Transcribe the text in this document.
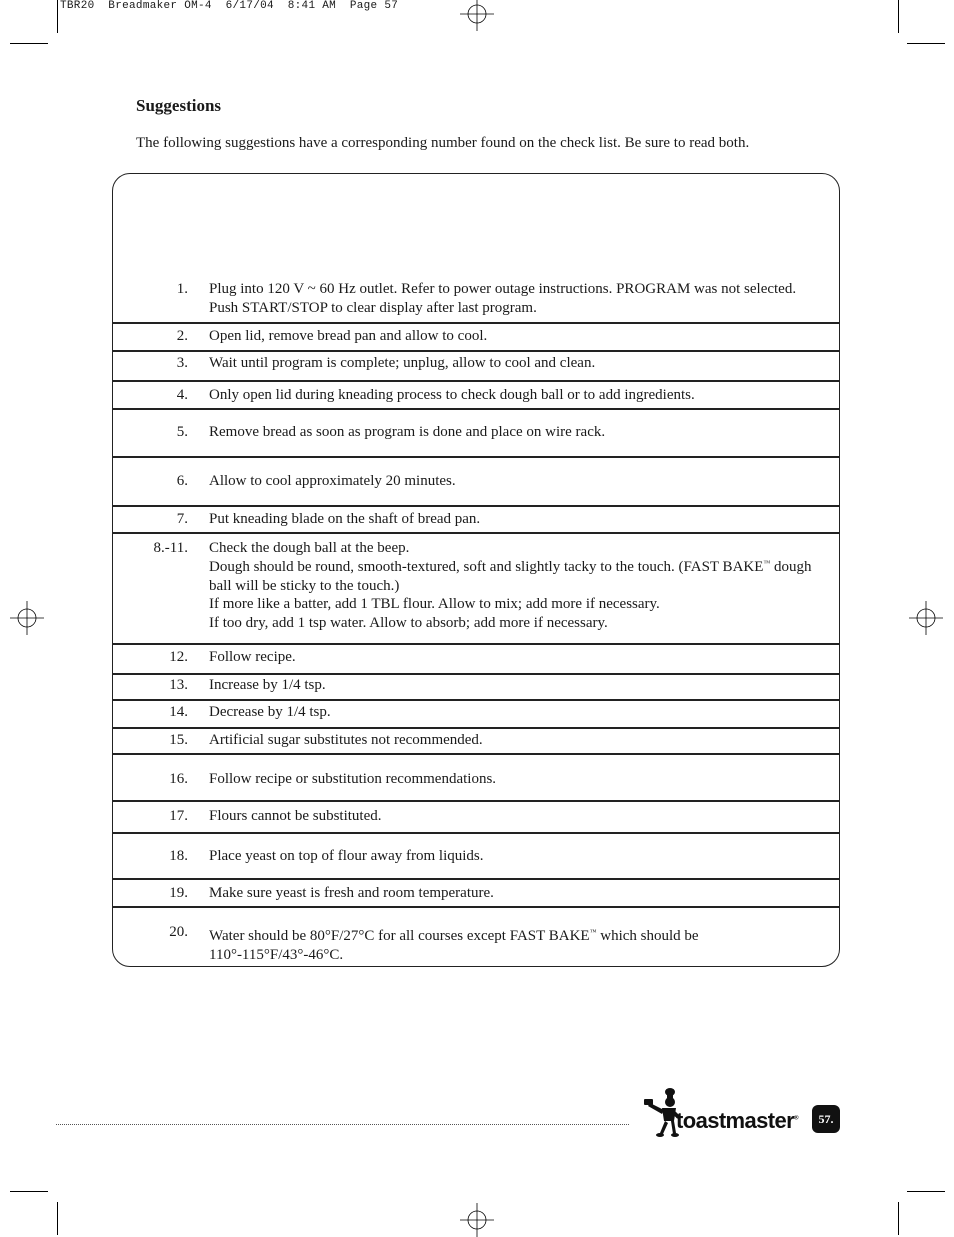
TBR20  Breadmaker OM-4  6/17/04  8:41 AM  Page 57
Suggestions
The following suggestions have a corresponding number found on the check list. Be sure to read both.
1. Plug into 120 V ~ 60 Hz outlet. Refer to power outage instructions. PROGRAM was not selected. Push START/STOP to clear display after last program.
2. Open lid, remove bread pan and allow to cool.
3. Wait until program is complete; unplug, allow to cool and clean.
4. Only open lid during kneading process to check dough ball or to add ingredients.
5. Remove bread as soon as program is done and place on wire rack.
6. Allow to cool approximately 20 minutes.
7. Put kneading blade on the shaft of bread pan.
8.-11. Check the dough ball at the beep.
Dough should be round, smooth-textured, soft and slightly tacky to the touch. (FAST BAKE™ dough ball will be sticky to the touch.)
If more like a batter, add 1 TBL flour. Allow to mix; add more if necessary.
If too dry, add 1 tsp water. Allow to absorb; add more if necessary.
12. Follow recipe.
13. Increase by 1/4 tsp.
14. Decrease by 1/4 tsp.
15. Artificial sugar substitutes not recommended.
16. Follow recipe or substitution recommendations.
17. Flours cannot be substituted.
18. Place yeast on top of flour away from liquids.
19. Make sure yeast is fresh and room temperature.
20. Water should be 80°F/27°C for all courses except FAST BAKE™ which should be 110°-115°F/43°-46°C.
toastmaster®	57.
